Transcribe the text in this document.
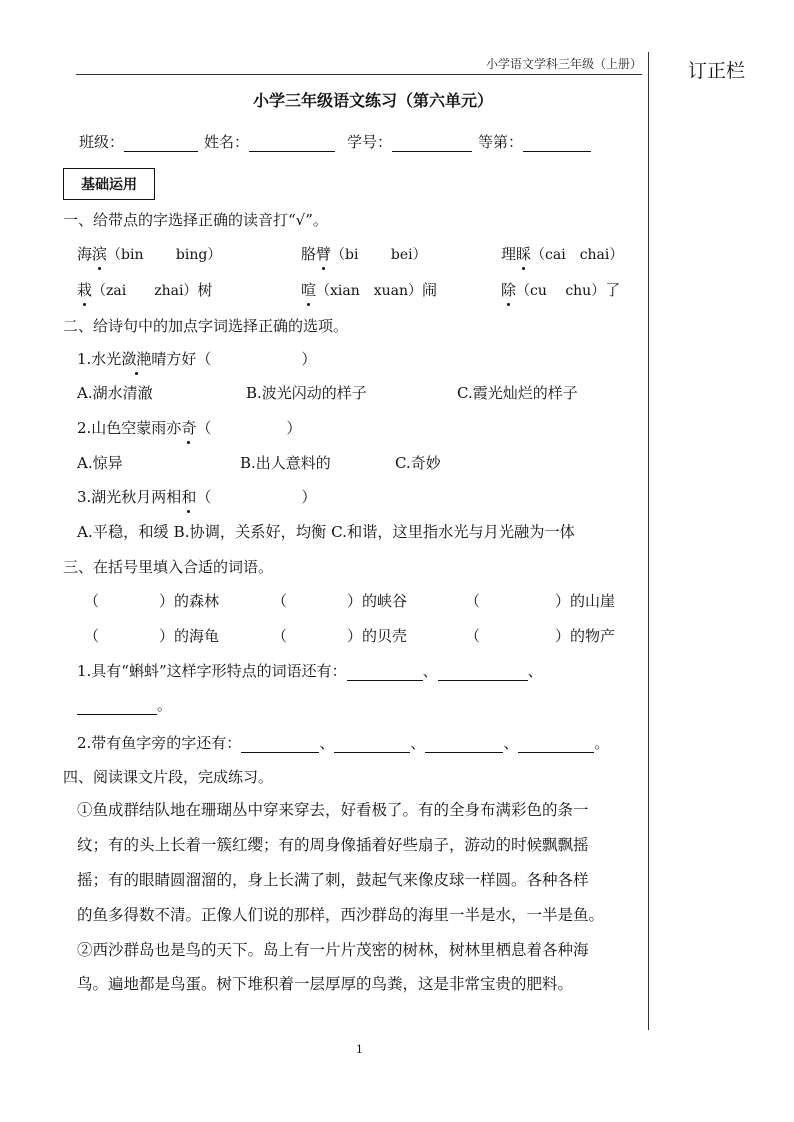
小学语文学科三年级（上册） 订正栏
小学三年级语文练习（第六单元）
班级：	姓名：	学号：	等第：
基础运用
一、给带点的字选择正确的读音打“√”。
海滨（bin　　 bing）	胳臂（bi　　 bei）	理睬（cai　chai）
栽（zai　　zhai）树	喧（xian　xuan）闹	除（cu　 chu）了
二、给诗句中的加点字词选择正确的选项。
1.水光潋滟晴方好（　　　　　　）
A.湖水清澈	B.波光闪动的样子	C.霞光灿烂的样子
2.山色空蒙雨亦奇（　　　　　）
A.惊异	B.出人意料的	C.奇妙
3.湖光秋月两相和（　　　　　　）
A.平稳，和缓 B.协调，关系好，均衡 C.和谐，这里指水光与月光融为一体
三、在括号里填入合适的词语。
（　　　　）的森林	（　　　　）的峡谷	（　　　　　）的山崖
（　　　　）的海龟	（　　　　）的贝壳	（　　　　　）的物产
1.具有“蝌蚪”这样字形特点的词语还有：	、	、
。
2.带有鱼字旁的字还有：	、	、	、	。
四、阅读课文片段，完成练习。
①鱼成群结队地在珊瑚丛中穿来穿去，好看极了。有的全身布满彩色的条一
纹；有的头上长着一簇红缨；有的周身像插着好些扇子，游动的时候飘飘摇
摇；有的眼睛圆溜溜的，身上长满了刺，鼓起气来像皮球一样圆。各种各样
的鱼多得数不清。正像人们说的那样，西沙群岛的海里一半是水，一半是鱼。
②西沙群岛也是鸟的天下。岛上有一片片茂密的树林，树林里栖息着各种海
鸟。遍地都是鸟蛋。树下堆积着一层厚厚的鸟粪，这是非常宝贵的肥料。
1
